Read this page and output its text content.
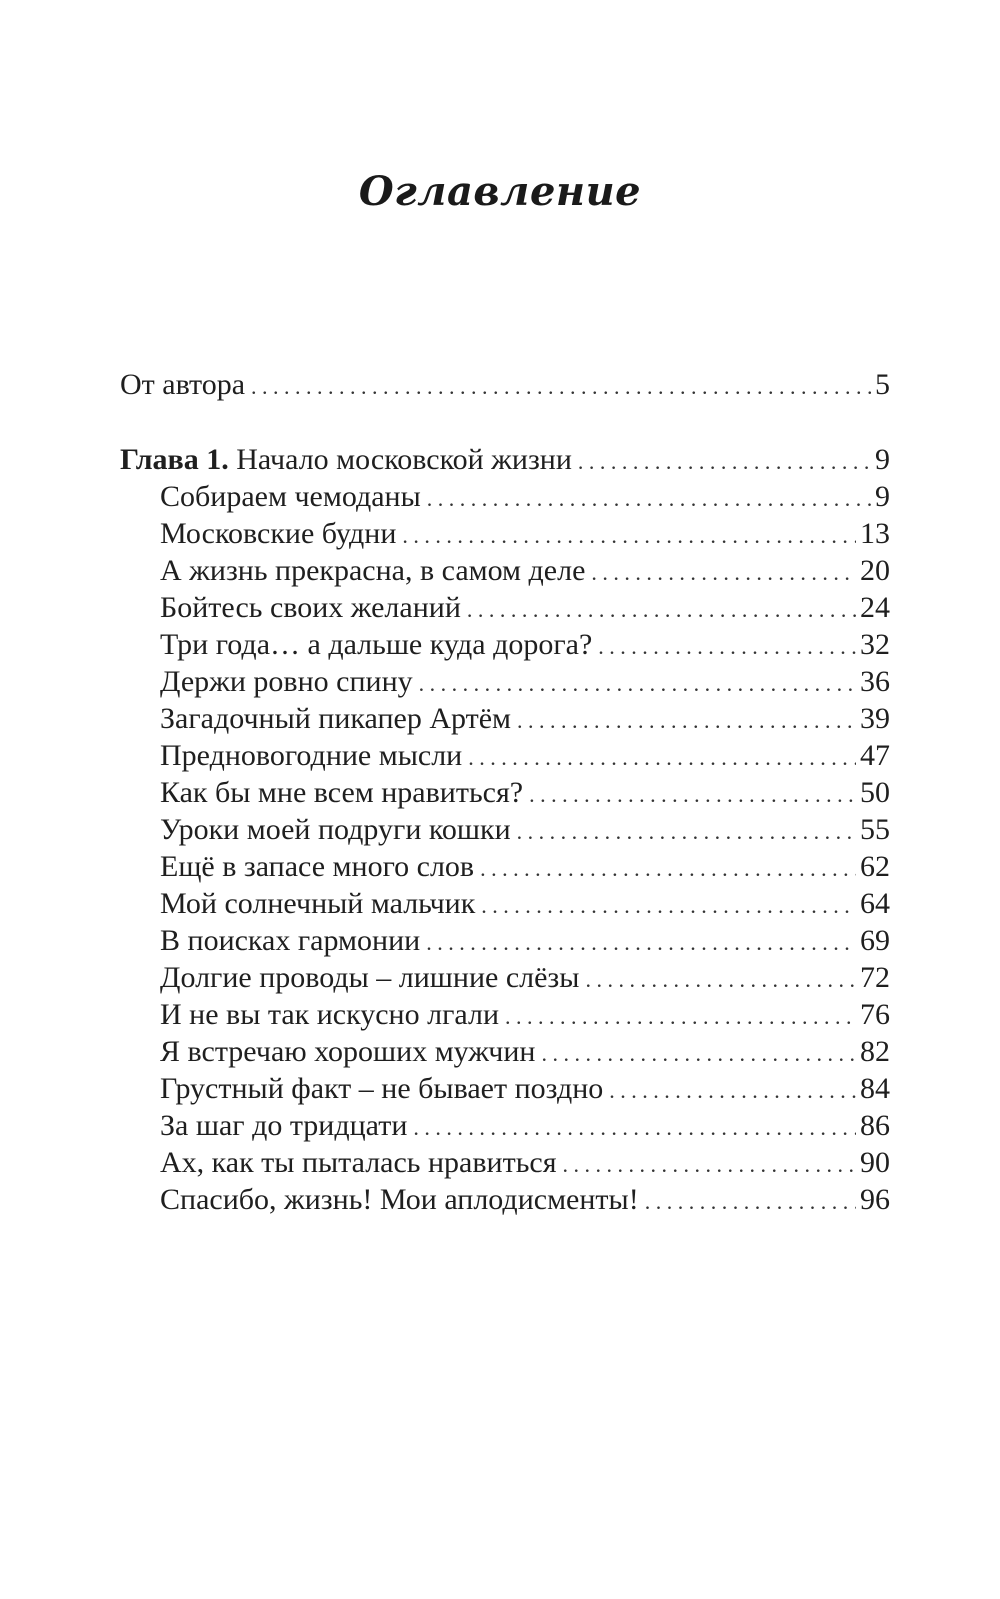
Оглавление
От автора . . .	5
Глава 1. Начало московской жизни . . .	9
Собираем чемоданы . . .	9
Московские будни . . .	13
А жизнь прекрасна, в самом деле . . .	20
Бойтесь своих желаний . . .	24
Три года… а дальше куда дорога? . . .	32
Держи ровно спину . . .	36
Загадочный пикапер Артём . . .	39
Предновогодние мысли . . .	47
Как бы мне всем нравиться? . . .	50
Уроки моей подруги кошки . . .	55
Ещё в запасе много слов . . .	62
Мой солнечный мальчик . . .	64
В поисках гармонии . . .	69
Долгие проводы – лишние слёзы . . .	72
И не вы так искусно лгали . . .	76
Я встречаю хороших мужчин . . .	82
Грустный факт – не бывает поздно . . .	84
За шаг до тридцати . . .	86
Ах, как ты пыталась нравиться . . .	90
Спасибо, жизнь! Мои аплодисменты! . . .	96
